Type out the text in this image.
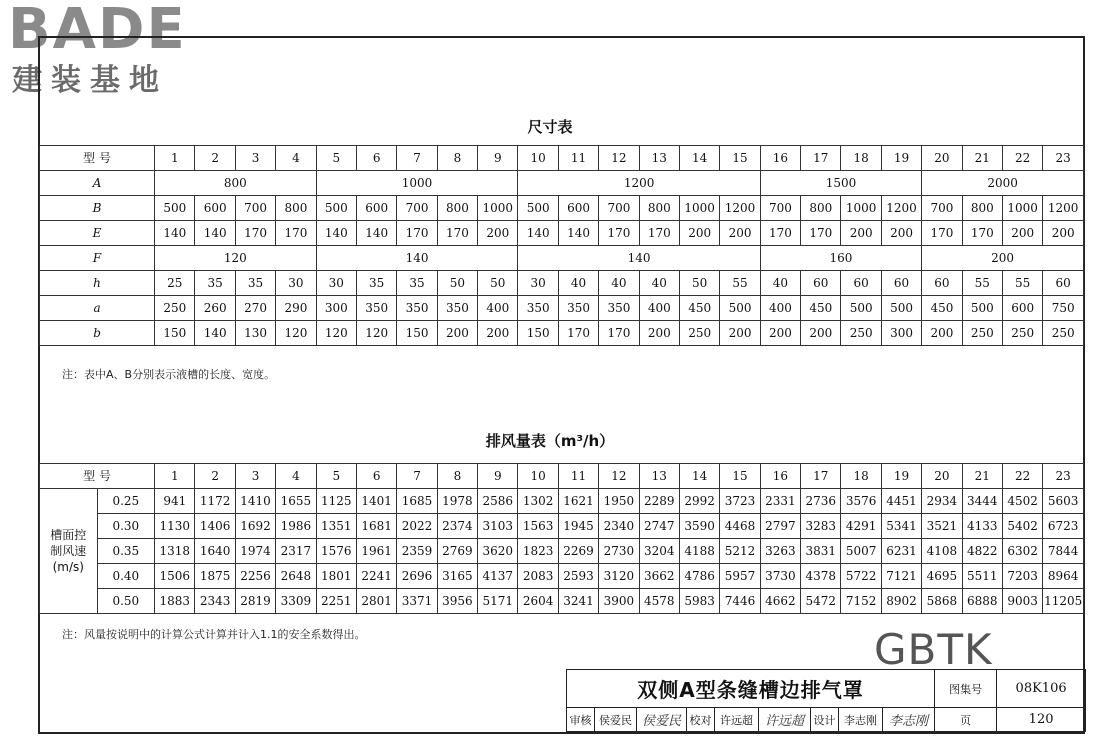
BADE
建装基地
尺寸表
型 号	1	2	3	4	5	6	7	8	9	10	11	12	13	14	15	16	17	18	19	20	21	22	23
A	800				1000					1200						1500				2000			
B	500	600	700	800	500	600	700	800	1000	500	600	700	800	1000	1200	700	800	1000	1200	700	800	1000	1200
E	140	140	170	170	140	140	170	170	200	140	140	170	170	200	200	170	170	200	200	170	170	200	200
F	120				140					140						160				200			
h	25	35	35	30	30	35	35	50	50	30	40	40	40	50	55	40	60	60	60	60	55	55	60
a	250	260	270	290	300	350	350	350	400	350	350	350	400	450	500	400	450	500	500	450	500	600	750
b	150	140	130	120	120	120	150	200	200	150	170	170	200	250	200	200	200	250	300	200	250	250	250
注：表中A、B分别表示液槽的长度、宽度。
排风量表（m³/h）
型 号		1	2	3	4	5	6	7	8	9	10	11	12	13	14	15	16	17	18	19	20	21	22	23
槽面控制风速(m/s)	0.25	941	1172	1410	1655	1125	1401	1685	1978	2586	1302	1621	1950	2289	2992	3723	2331	2736	3576	4451	2934	3444	4502	5603
	0.30	1130	1406	1692	1986	1351	1681	2022	2374	3103	1563	1945	2340	2747	3590	4468	2797	3283	4291	5341	3521	4133	5402	6723
	0.35	1318	1640	1974	2317	1576	1961	2359	2769	3620	1823	2269	2730	3204	4188	5212	3263	3831	5007	6231	4108	4822	6302	7844
	0.40	1506	1875	2256	2648	1801	2241	2696	3165	4137	2083	2593	3120	3662	4786	5957	3730	4378	5722	7121	4695	5511	7203	8964
	0.50	1883	2343	2819	3309	2251	2801	3371	3956	5171	2604	3241	3900	4578	5983	7446	4662	5472	7152	8902	5868	6888	9003	11205
注：风量按说明中的计算公式计算并计入1.1的安全系数得出。	GBTK
双侧A型条缝槽边排气罩									图集号	08K106
审核	侯爱民	侯爱民	校对	许远超	许远超	设计	李志刚	李志刚	页	120
